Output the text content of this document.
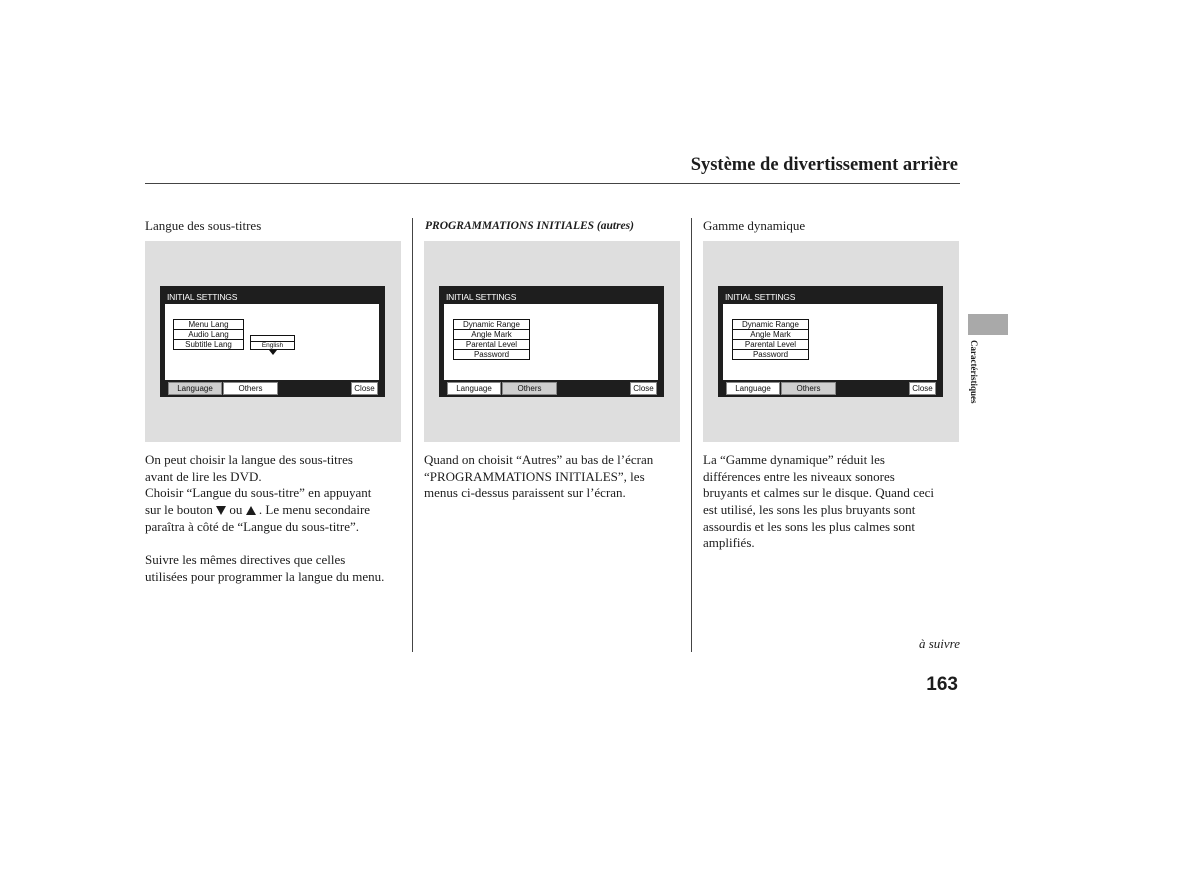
Système de divertissement arrière
Langue des sous-titres
INITIAL SETTINGS
Menu Lang
Audio Lang
Subtitle Lang	English
Language	Others	Close
On peut choisir la langue des sous-titres
avant de lire les DVD.
Choisir “Langue du sous-titre” en appuyant
sur le bouton ou . Le menu secondaire
paraîtra à côté de “Langue du sous-titre”.
Suivre les mêmes directives que celles
utilisées pour programmer la langue du menu.
PROGRAMMATIONS INITIALES (autres)
INITIAL SETTINGS
Dynamic Range
Angle Mark
Parental Level
Password
Language	Others	Close
Quand on choisit “Autres” au bas de l’écran
“PROGRAMMATIONS INITIALES”, les
menus ci-dessus paraissent sur l’écran.
Gamme dynamique
INITIAL SETTINGS
Dynamic Range
Angle Mark
Parental Level
Password
Language	Others	Close
La “Gamme dynamique” réduit les
différences entre les niveaux sonores
bruyants et calmes sur le disque. Quand ceci
est utilisé, les sons les plus bruyants sont
assourdis et les sons les plus calmes sont
amplifiés.
Caractéristiques
à suivre
163
